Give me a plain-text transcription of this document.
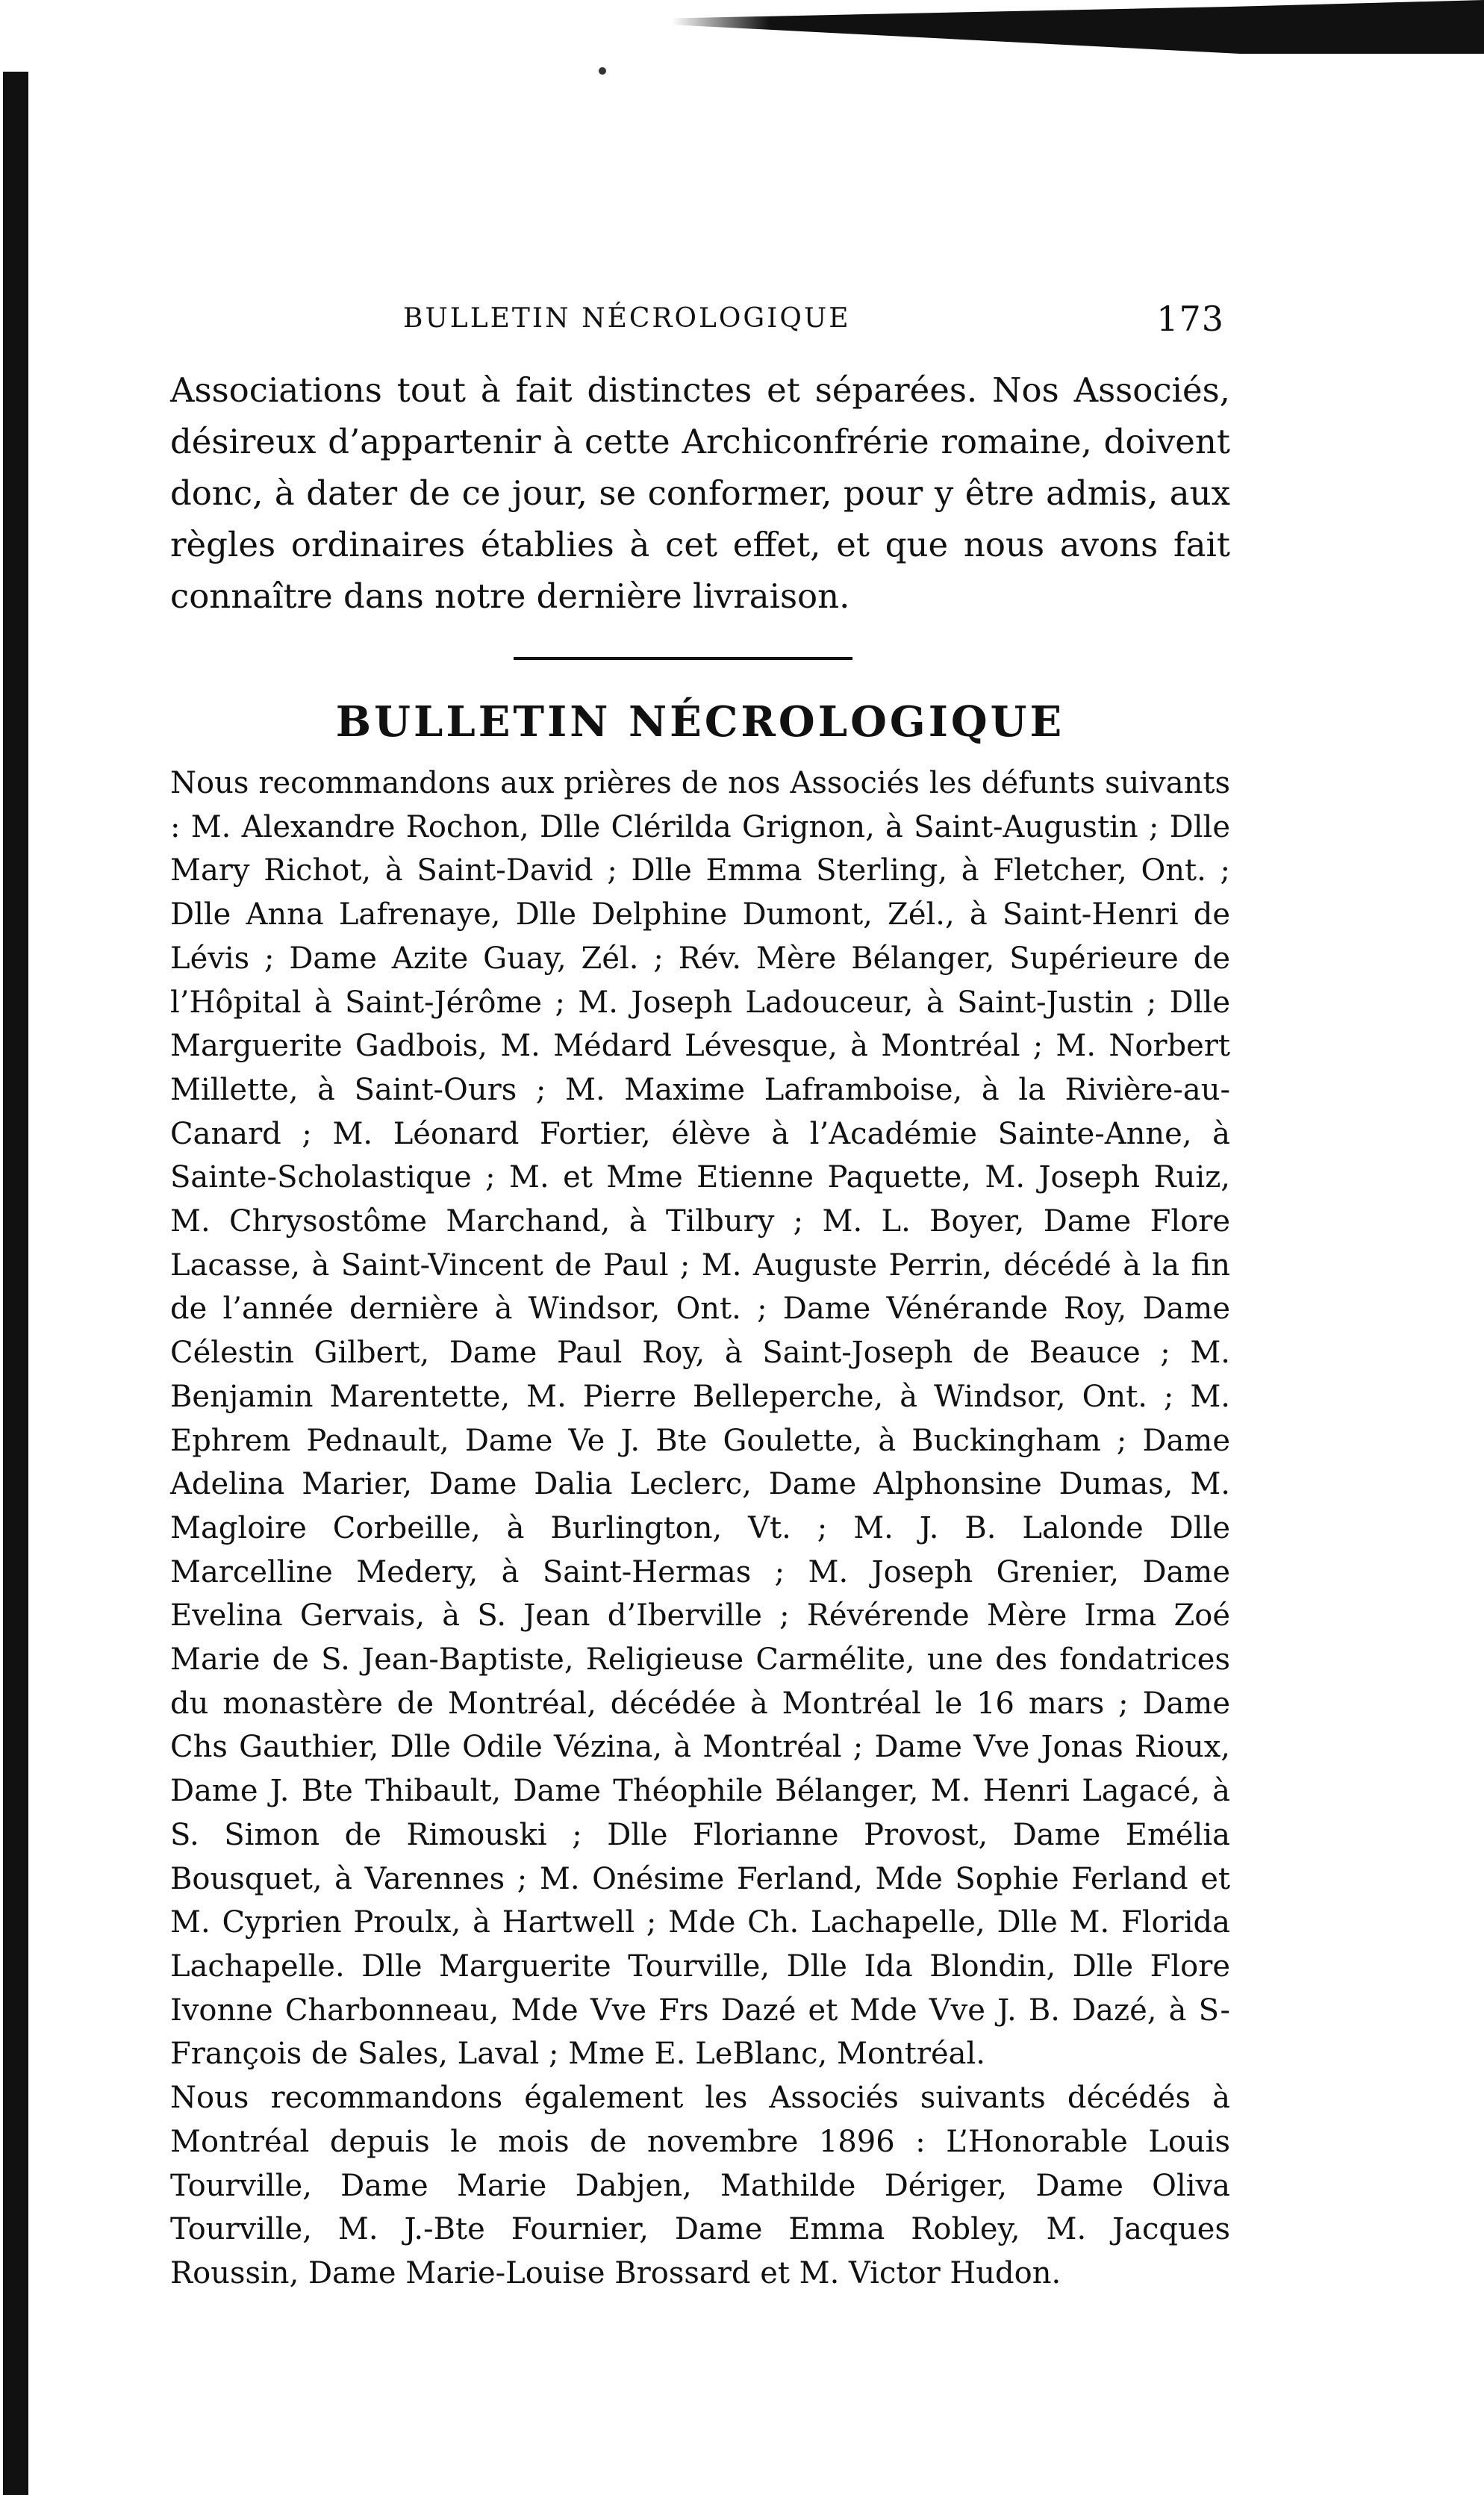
BULLETIN NÉCROLOGIQUE	173

Associations tout à fait distinctes et séparées. Nos Associés, désireux d’appartenir à cette Archiconfrérie romaine, doivent donc, à dater de ce jour, se conformer, pour y être admis, aux règles ordinaires établies à cet effet, et que nous avons fait connaître dans notre dernière livraison.

BULLETIN NÉCROLOGIQUE

Nous recommandons aux prières de nos Associés les défunts suivants : M. Alexandre Rochon, Dlle Clérilda Grignon, à Saint-Augustin ; Dlle Mary Richot, à Saint-David ; Dlle Emma Sterling, à Fletcher, Ont. ; Dlle Anna Lafrenaye, Dlle Delphine Dumont, Zél., à Saint-Henri de Lévis ; Dame Azite Guay, Zél. ; Rév. Mère Bélanger, Supérieure de l’Hôpital à Saint-Jérôme ; M. Joseph Ladouceur, à Saint-Justin ; Dlle Marguerite Gadbois, M. Médard Lévesque, à Montréal ; M. Norbert Millette, à Saint-Ours ; M. Maxime Laframboise, à la Rivière-au-Canard ; M. Léonard Fortier, élève à l’Académie Sainte-Anne, à Sainte-Scholastique ; M. et Mme Etienne Paquette, M. Joseph Ruiz, M. Chrysostôme Marchand, à Tilbury ; M. L. Boyer, Dame Flore Lacasse, à Saint-Vincent de Paul ; M. Auguste Perrin, décédé à la fin de l’année dernière à Windsor, Ont. ; Dame Vénérande Roy, Dame Célestin Gilbert, Dame Paul Roy, à Saint-Joseph de Beauce ; M. Benjamin Marentette, M. Pierre Belleperche, à Windsor, Ont. ; M. Ephrem Pednault, Dame Ve J. Bte Goulette, à Buckingham ; Dame Adelina Marier, Dame Dalia Leclerc, Dame Alphonsine Dumas, M. Magloire Corbeille, à Burlington, Vt. ; M. J. B. Lalonde Dlle Marcelline Medery, à Saint-Hermas ; M. Joseph Grenier, Dame Evelina Gervais, à S. Jean d’Iberville ; Révérende Mère Irma Zoé Marie de S. Jean-Baptiste, Religieuse Carmélite, une des fondatrices du monastère de Montréal, décédée à Montréal le 16 mars ; Dame Chs Gauthier, Dlle Odile Vézina, à Montréal ; Dame Vve Jonas Rioux, Dame J. Bte Thibault, Dame Théophile Bélanger, M. Henri Lagacé, à S. Simon de Rimouski ; Dlle Florianne Provost, Dame Emélia Bousquet, à Varennes ; M. Onésime Ferland, Mde Sophie Ferland et M. Cyprien Proulx, à Hartwell ; Mde Ch. Lachapelle, Dlle M. Florida Lachapelle. Dlle Marguerite Tourville, Dlle Ida Blondin, Dlle Flore Ivonne Charbonneau, Mde Vve Frs Dazé et Mde Vve J. B. Dazé, à S-François de Sales, Laval ; Mme E. LeBlanc, Montréal.

Nous recommandons également les Associés suivants décédés à Montréal depuis le mois de novembre 1896 : L’Honorable Louis Tourville, Dame Marie Dabjen, Mathilde Dériger, Dame Oliva Tourville, M. J.-Bte Fournier, Dame Emma Robley, M. Jacques Roussin, Dame Marie-Louise Brossard et M. Victor Hudon.
